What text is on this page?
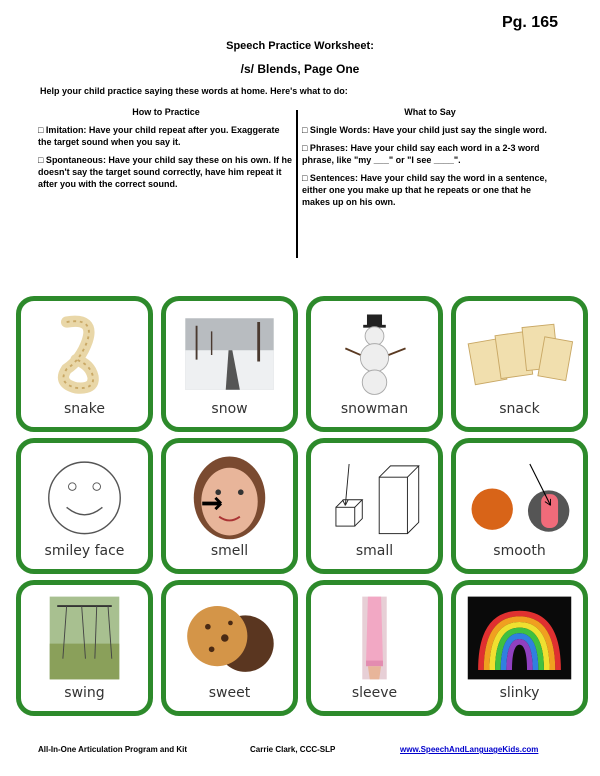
Pg. 165
Speech Practice Worksheet:
/s/ Blends, Page One
Help your child practice saying these words at home. Here's what to do:
How to Practice

□ Imitation: Have your child repeat after you. Exaggerate the target sound when you say it.

□ Spontaneous: Have your child say these on his own. If he doesn't say the target sound correctly, have him repeat it after you with the correct sound.

What to Say

□ Single Words: Have your child just say the single word.

□ Phrases: Have your child say each word in a 2-3 word phrase, like "my ___" or "I see ____".

□ Sentences: Have your child say the word in a sentence, either one you make up that he repeats or one that he makes up on his own.

snake	snow	snowman	snack
smiley face	smell	small	smooth
swing	sweet	sleeve	slinky
All-In-One Articulation Program and Kit	Carrie Clark, CCC-SLP	www.SpeechAndLanguageKids.com
